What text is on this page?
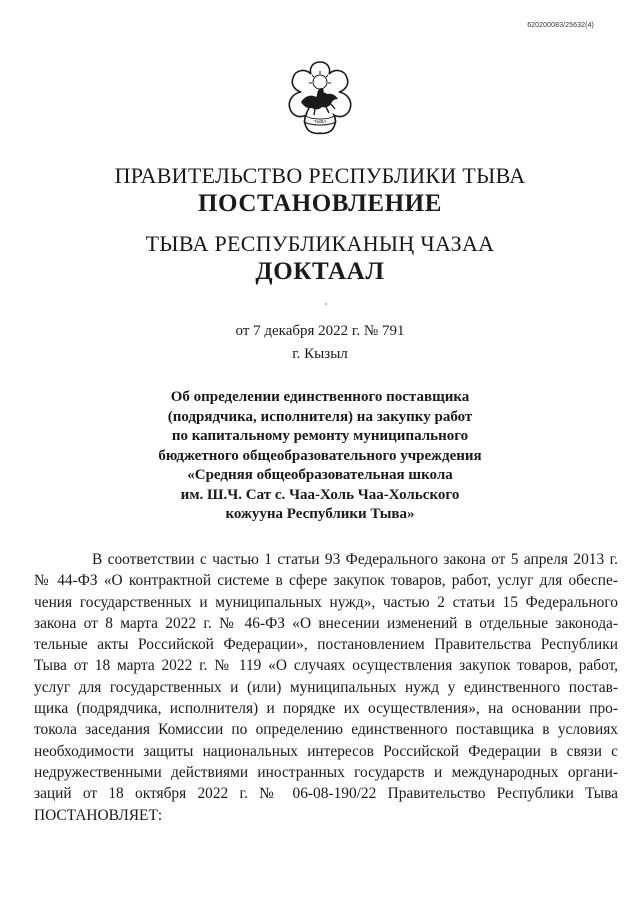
620200083/25632(4)
ТЫВА
ПРАВИТЕЛЬСТВО РЕСПУБЛИКИ ТЫВА
ПОСТАНОВЛЕНИЕ
ТЫВА РЕСПУБЛИКАНЫҢ ЧАЗАА
ДОКТААЛ
от 7 декабря 2022 г. № 791
г. Кызыл
Об определении единственного поставщика
(подрядчика, исполнителя) на закупку работ
по капитальному ремонту муниципального
бюджетного общеобразовательного учреждения
«Средняя общеобразовательная школа
им. Ш.Ч. Сат с. Чаа-Холь Чаа-Хольского
кожууна Республики Тыва»
В соответствии с частью 1 статьи 93 Федерального закона от 5 апреля 2013 г.
№ 44-ФЗ «О контрактной системе в сфере закупок товаров, работ, услуг для обеспе-
чения государственных и муниципальных нужд», частью 2 статьи 15 Федерального
закона от 8 марта 2022 г. № 46-ФЗ «О внесении изменений в отдельные законода-
тельные акты Российской Федерации», постановлением Правительства Республики
Тыва от 18 марта 2022 г. № 119 «О случаях осуществления закупок товаров, работ,
услуг для государственных и (или) муниципальных нужд у единственного постав-
щика (подрядчика, исполнителя) и порядке их осуществления», на основании про-
токола заседания Комиссии по определению единственного поставщика в условиях
необходимости защиты национальных интересов Российской Федерации в связи с
недружественными действиями иностранных государств и международных органи-
заций от 18 октября 2022 г. № 06-08-190/22 Правительство Республики Тыва
ПОСТАНОВЛЯЕТ:
